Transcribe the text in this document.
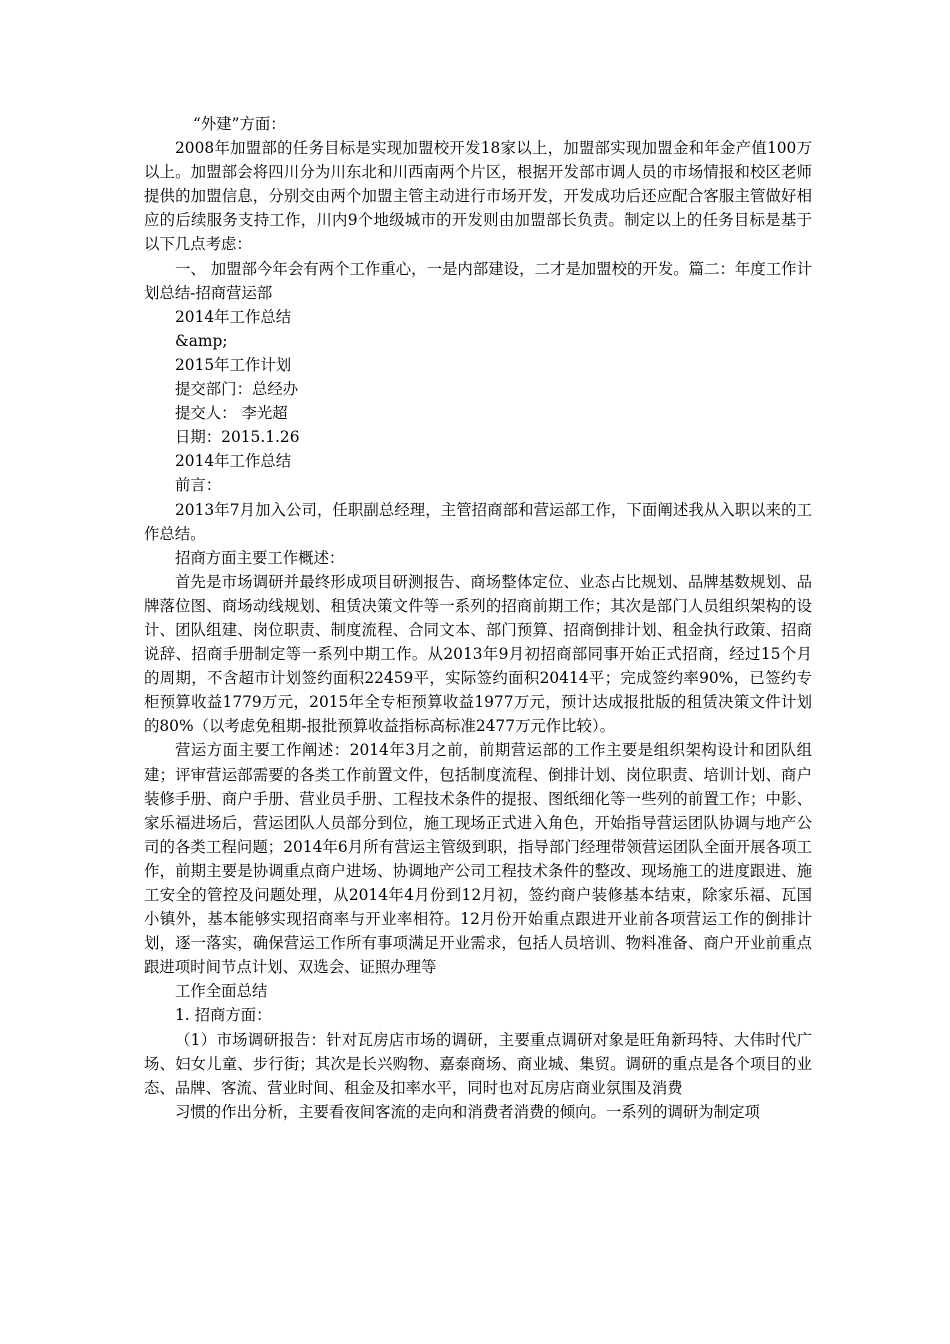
“外建”方面：

2008年加盟部的任务目标是实现加盟校开发18家以上，加盟部实现加盟金和年金产值100万以上。加盟部会将四川分为川东北和川西南两个片区，根据开发部市调人员的市场情报和校区老师提供的加盟信息，分别交由两个加盟主管主动进行市场开发，开发成功后还应配合客服主管做好相应的后续服务支持工作，川内9个地级城市的开发则由加盟部长负责。制定以上的任务目标是基于以下几点考虑：

一、 加盟部今年会有两个工作重心，一是内部建设，二才是加盟校的开发。篇二：年度工作计划总结-招商营运部

2014年工作总结

&amp;

2015年工作计划

提交部门：总经办

提交人： 李光超

日期：2015.1.26

2014年工作总结

前言：

2013年7月加入公司，任职副总经理，主管招商部和营运部工作，下面阐述我从入职以来的工作总结。

招商方面主要工作概述：

首先是市场调研并最终形成项目研测报告、商场整体定位、业态占比规划、品牌基数规划、品牌落位图、商场动线规划、租赁决策文件等一系列的招商前期工作；其次是部门人员组织架构的设计、团队组建、岗位职责、制度流程、合同文本、部门预算、招商倒排计划、租金执行政策、招商说辞、招商手册制定等一系列中期工作。从2013年9月初招商部同事开始正式招商，经过15个月的周期，不含超市计划签约面积22459平，实际签约面积20414平；完成签约率90%，已签约专柜预算收益1779万元，2015年全专柜预算收益1977万元，预计达成报批版的租赁决策文件计划的80%（以考虑免租期-报批预算收益指标高标准2477万元作比较）。

营运方面主要工作阐述：2014年3月之前，前期营运部的工作主要是组织架构设计和团队组建；评审营运部需要的各类工作前置文件，包括制度流程、倒排计划、岗位职责、培训计划、商户装修手册、商户手册、营业员手册、工程技术条件的提报、图纸细化等一些列的前置工作；中影、家乐福进场后，营运团队人员部分到位，施工现场正式进入角色，开始指导营运团队协调与地产公司的各类工程问题；2014年6月所有营运主管级到职，指导部门经理带领营运团队全面开展各项工作，前期主要是协调重点商户进场、协调地产公司工程技术条件的整改、现场施工的进度跟进、施工安全的管控及问题处理，从2014年4月份到12月初，签约商户装修基本结束，除家乐福、瓦国小镇外，基本能够实现招商率与开业率相符。12月份开始重点跟进开业前各项营运工作的倒排计划，逐一落实，确保营运工作所有事项满足开业需求，包括人员培训、物料准备、商户开业前重点跟进项时间节点计划、双选会、证照办理等

工作全面总结

1. 招商方面：

（1）市场调研报告：针对瓦房店市场的调研，主要重点调研对象是旺角新玛特、大伟时代广场、妇女儿童、步行街；其次是长兴购物、嘉泰商场、商业城、集贸。调研的重点是各个项目的业态、品牌、客流、营业时间、租金及扣率水平，同时也对瓦房店商业氛围及消费

习惯的作出分析，主要看夜间客流的走向和消费者消费的倾向。一系列的调研为制定项
